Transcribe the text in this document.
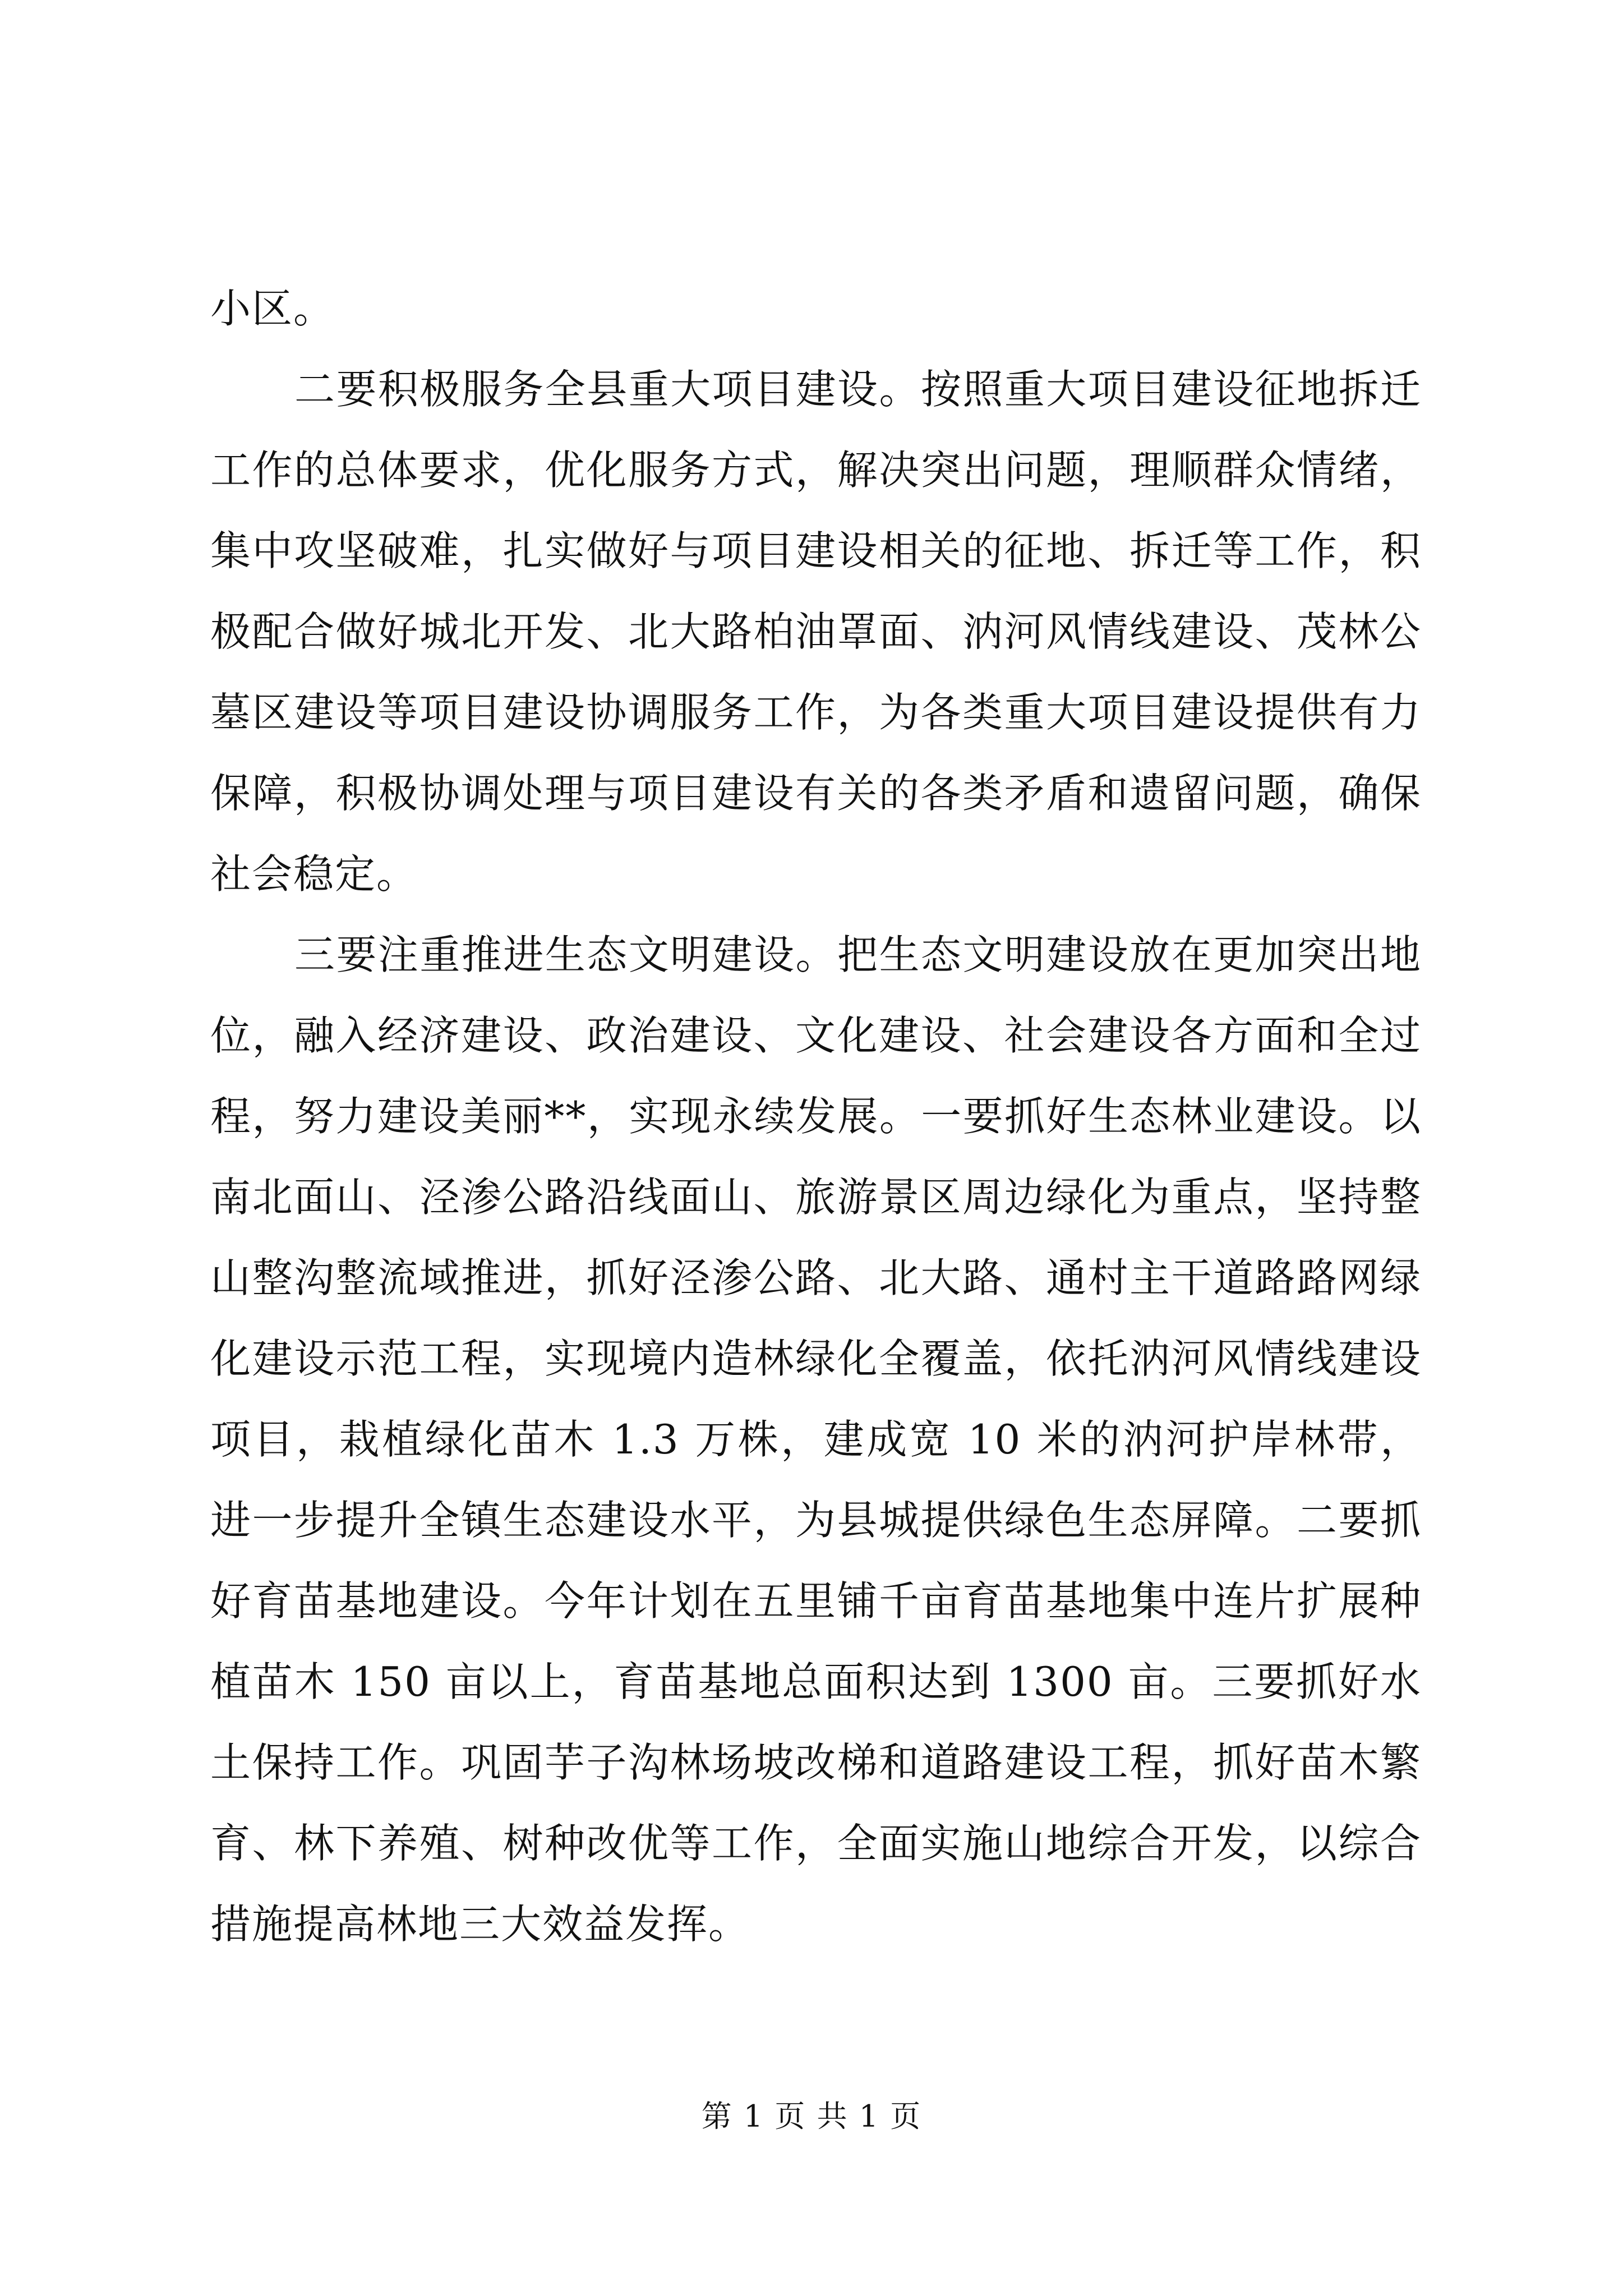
小区。

二要积极服务全县重大项目建设。按照重大项目建设征地拆迁工作的总体要求，优化服务方式，解决突出问题，理顺群众情绪，集中攻坚破难，扎实做好与项目建设相关的征地、拆迁等工作，积极配合做好城北开发、北大路柏油罩面、汭河风情线建设、茂林公墓区建设等项目建设协调服务工作，为各类重大项目建设提供有力保障，积极协调处理与项目建设有关的各类矛盾和遗留问题，确保社会稳定。

三要注重推进生态文明建设。把生态文明建设放在更加突出地位，融入经济建设、政治建设、文化建设、社会建设各方面和全过程，努力建设美丽**，实现永续发展。一要抓好生态林业建设。以南北面山、泾渗公路沿线面山、旅游景区周边绿化为重点，坚持整山整沟整流域推进，抓好泾渗公路、北大路、通村主干道路路网绿化建设示范工程，实现境内造林绿化全覆盖，依托汭河风情线建设项目，栽植绿化苗木 1.3 万株，建成宽 10 米的汭河护岸林带，进一步提升全镇生态建设水平，为县城提供绿色生态屏障。二要抓好育苗基地建设。今年计划在五里铺千亩育苗基地集中连片扩展种植苗木 150 亩以上，育苗基地总面积达到 1300 亩。三要抓好水土保持工作。巩固芋子沟林场坡改梯和道路建设工程，抓好苗木繁育、林下养殖、树种改优等工作，全面实施山地综合开发，以综合措施提高林地三大效益发挥。

第 1 页 共 1 页
